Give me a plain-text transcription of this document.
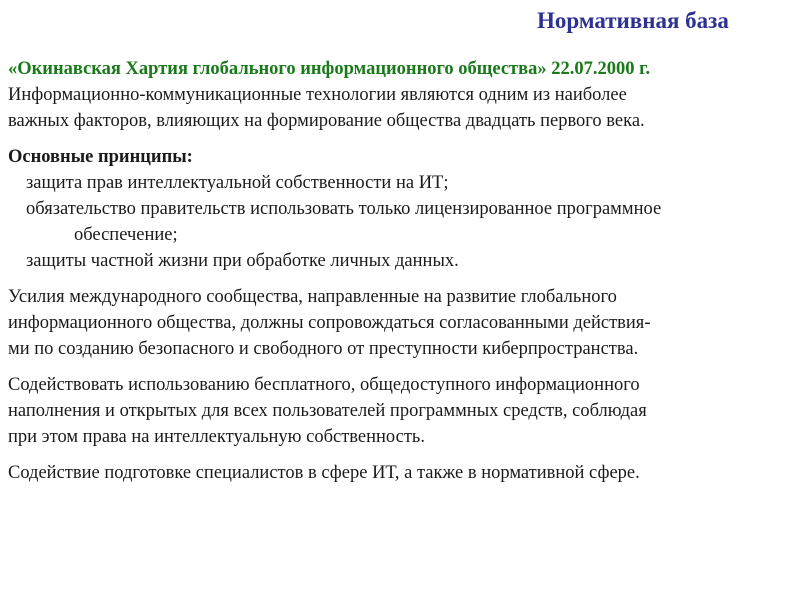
Нормативная база
«Окинавская Хартия глобального информационного общества» 22.07.2000 г.
Информационно-коммуникационные технологии являются одним из наиболее
важных факторов, влияющих на формирование общества двадцать первого века.
Основные принципы:
защита прав интеллектуальной собственности на ИТ;
обязательство правительств использовать только лицензированное программное
обеспечение;
защиты частной жизни при обработке личных данных.

Усилия международного сообщества, направленные на развитие глобального

информационного общества, должны сопровождаться согласованными действия-

ми по созданию безопасного и свободного от преступности киберпространства.

Содействовать использованию бесплатного, общедоступного информационного

наполнения и открытых для всех пользователей программных средств, соблюдая

при этом права на интеллектуальную собственность.

Содействие подготовке специалистов в сфере ИТ, а также в нормативной сфере.
